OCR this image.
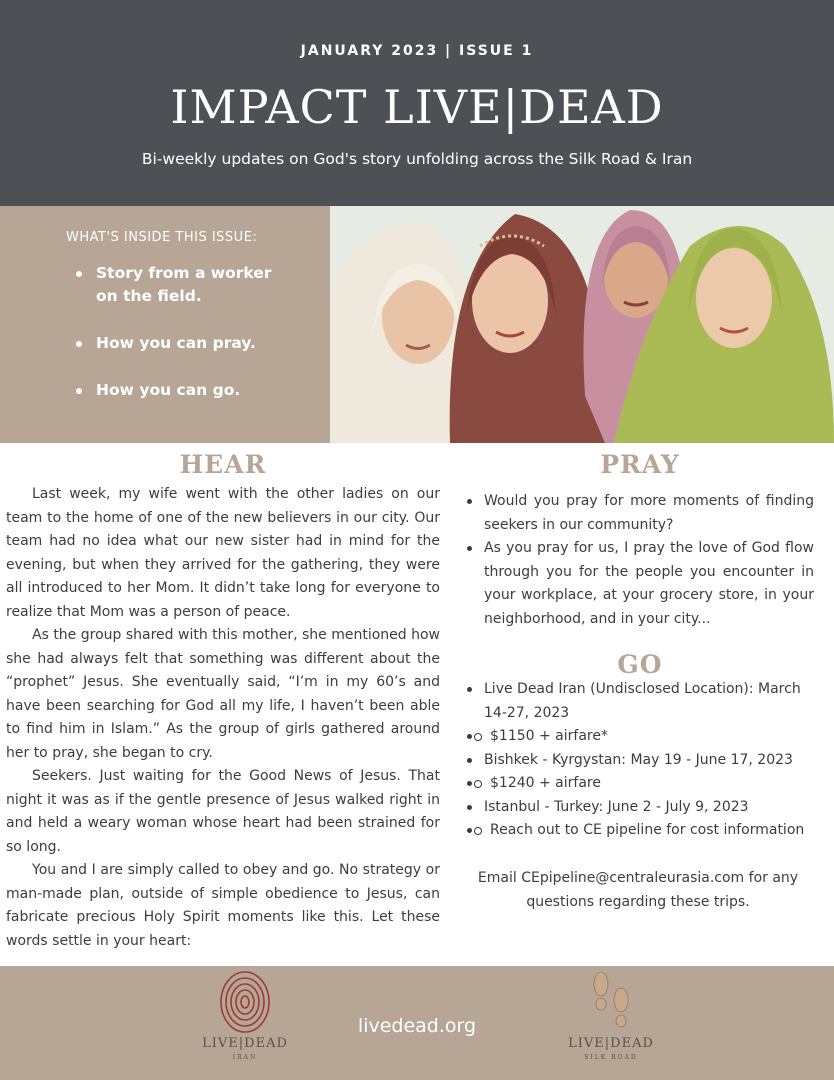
JANUARY 2023 | ISSUE 1
IMPACT LIVE|DEAD
Bi-weekly updates on God's story unfolding across the Silk Road & Iran
WHAT'S INSIDE THIS ISSUE:
Story from a worker on the field.
How you can pray.
How you can go.
HEAR

Last week, my wife went with the other ladies on our team to the home of one of the new believers in our city. Our team had no idea what our new sister had in mind for the evening, but when they arrived for the gathering, they were all introduced to her Mom. It didn’t take long for everyone to realize that Mom was a person of peace.

As the group shared with this mother, she mentioned how she had always felt that something was different about the “prophet” Jesus. She eventually said, “I’m in my 60’s and have been searching for God all my life, I haven’t been able to find him in Islam.” As the group of girls gathered around her to pray, she began to cry.

Seekers. Just waiting for the Good News of Jesus. That night it was as if the gentle presence of Jesus walked right in and held a weary woman whose heart had been strained for so long.

You and I are simply called to obey and go. No strategy or man-made plan, outside of simple obedience to Jesus, can fabricate precious Holy Spirit moments like this. Let these words settle in your heart:

PRAY
Would you pray for more moments of finding seekers in our community?
As you pray for us, I pray the love of God flow through you for the people you encounter in your workplace, at your grocery store, in your neighborhood, and in your city...
GO
Live Dead Iran (Undisclosed Location): March 14-27, 2023
$1150 + airfare*
Bishkek - Kyrgystan: May 19 - June 17, 2023
$1240 + airfare
Istanbul - Turkey: June 2 - July 9, 2023
Reach out to CE pipeline for cost information
Email CEpipeline@centraleurasia.com for any questions regarding these trips.
LIVE|DEAD
IRAN
livedead.org
LIVE|DEAD
SILK ROAD
